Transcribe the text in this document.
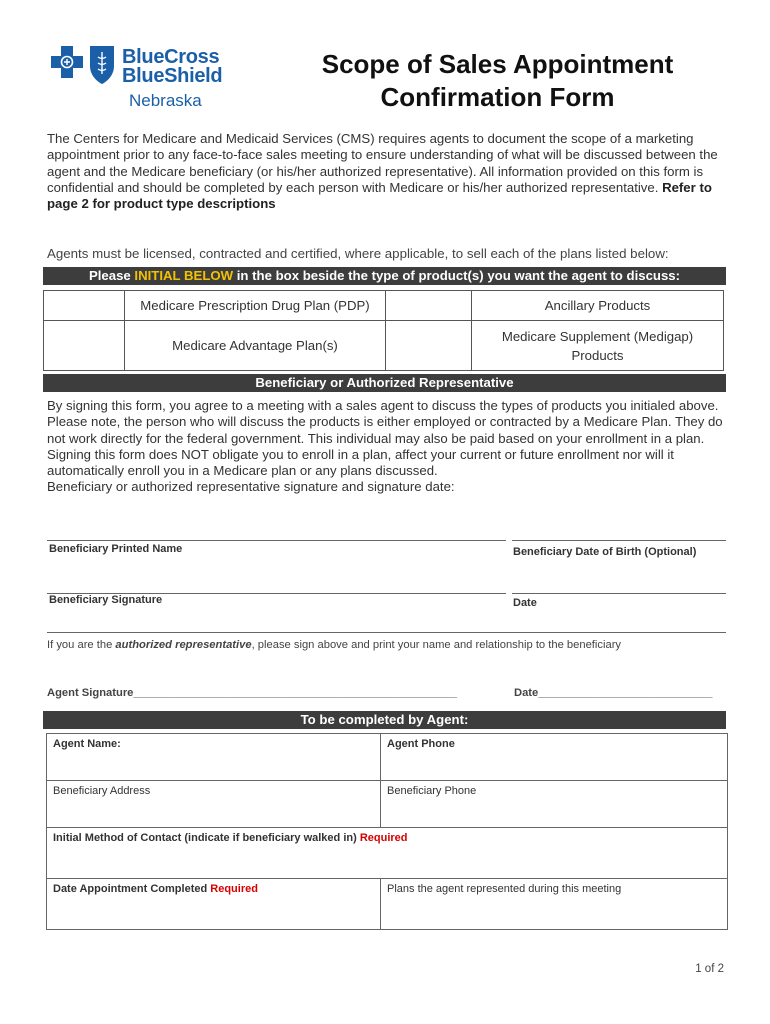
BlueCross
BlueShield
Nebraska
Scope of Sales Appointment
Confirmation Form
The Centers for Medicare and Medicaid Services (CMS) requires agents to document the scope of a marketing appointment prior to any face-to-face sales meeting to ensure understanding of what will be discussed between the agent and the Medicare beneficiary (or his/her authorized representative). All information provided on this form is confidential and should be completed by each person with Medicare or his/her authorized representative. Refer to page 2 for product type descriptions
Agents must be licensed, contracted and certified, where applicable, to sell each of the plans listed below:
Please INITIAL BELOW in the box beside the type of product(s) you want the agent to discuss:
	Medicare Prescription Drug Plan (PDP)		Ancillary Products
	Medicare Advantage Plan(s)		Medicare Supplement (Medigap) Products
Beneficiary or Authorized Representative
By signing this form, you agree to a meeting with a sales agent to discuss the types of products you initialed above. Please note, the person who will discuss the products is either employed or contracted by a Medicare Plan. They do not work directly for the federal government. This individual may also be paid based on your enrollment in a plan.
Signing this form does NOT obligate you to enroll in a plan, affect your current or future enrollment nor will it automatically enroll you in a Medicare plan or any plans discussed.
Beneficiary or authorized representative signature and signature date:
Beneficiary Printed Name	Beneficiary Date of Birth (Optional)
Beneficiary Signature	Date
If you are the authorized representative, please sign above and print your name and relationship to the beneficiary
Agent Signature____________________________________________________	Date____________________________
To be completed by Agent:
Agent Name:	Agent Phone
Beneficiary Address	Beneficiary Phone
Initial Method of Contact (indicate if beneficiary walked in) Required	
Date Appointment Completed Required	Plans the agent represented during this meeting
1 of 2
